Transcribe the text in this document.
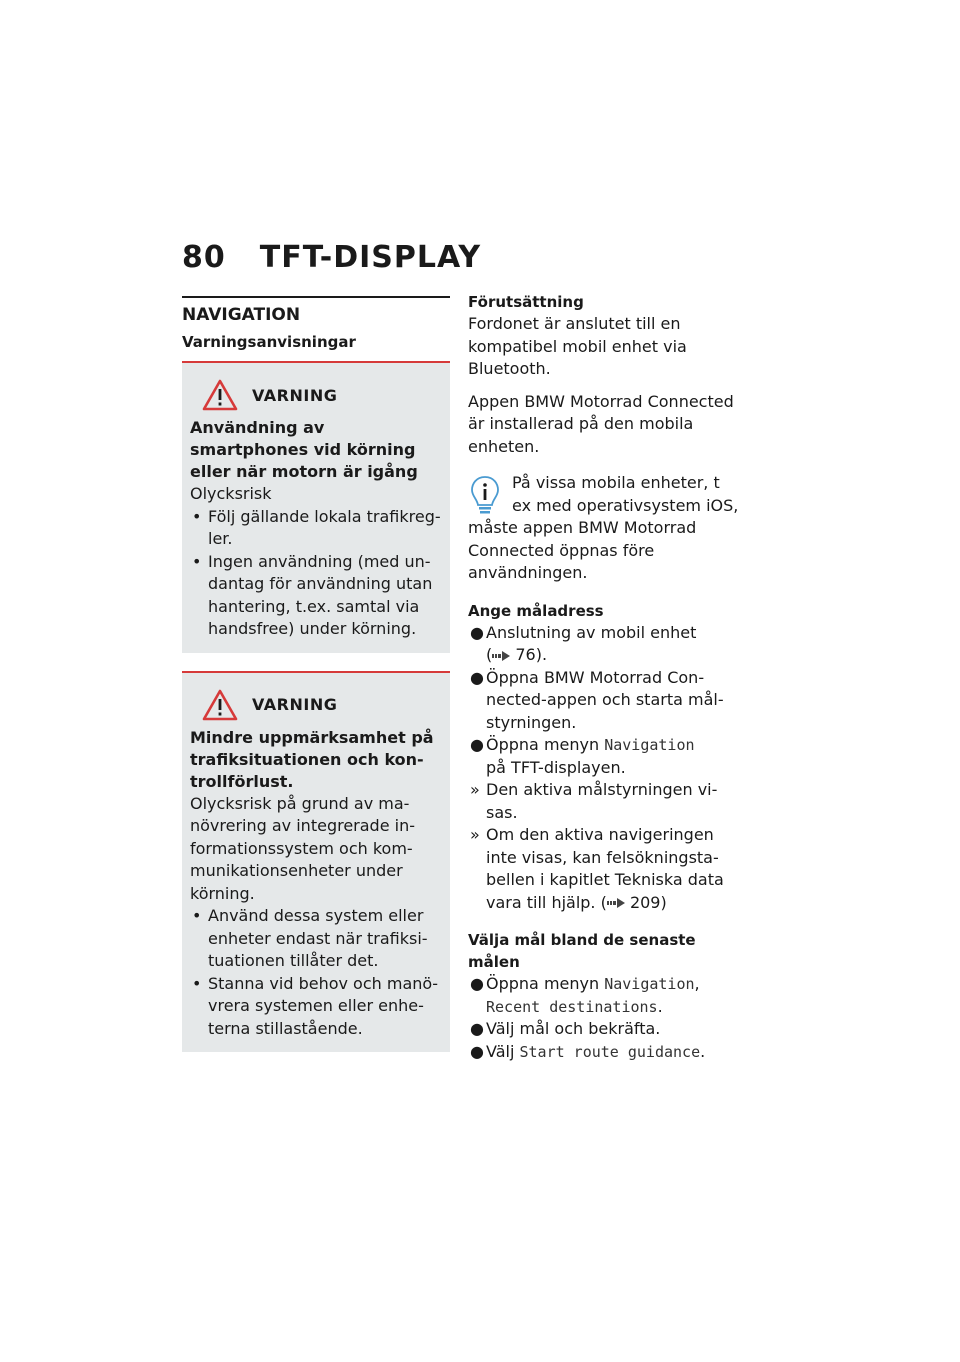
80 TFT-DISPLAY
NAVIGATION
Varningsanvisningar
VARNING
Användning av smartphones vid körning eller när motorn är igång
Olycksrisk
• Följ gällande lokala trafikregler.
• Ingen användning (med undantag för användning utan hantering, t.ex. samtal via handsfree) under körning.
VARNING
Mindre uppmärksamhet på trafiksituationen och kontrollförlust.
Olycksrisk på grund av manövrering av integrerade informationssystem och kommunikationsenheter under körning.
• Använd dessa system eller enheter endast när trafiksituationen tillåter det.
• Stanna vid behov och manövrera systemen eller enheterna stillastående.
Förutsättning
Fordonet är anslutet till en kompatibel mobil enhet via Bluetooth.
Appen BMW Motorrad Connected är installerad på den mobila enheten.
På vissa mobila enheter, t ex med operativsystem iOS, måste appen BMW Motorrad Connected öppnas före användningen.
Ange måladress
● Anslutning av mobil enhet
( 76).
● Öppna BMW Motorrad Connected-appen och starta målstyrningen.
● Öppna menyn Navigation
på TFT-displayen.
» Den aktiva målstyrningen visas.
» Om den aktiva navigeringen inte visas, kan felsökningstabellen i kapitlet Tekniska data vara till hjälp. ( 209)
Välja mål bland de senaste målen
● Öppna menyn Navigation,
Recent destinations.
● Välj mål och bekräfta.
● Välj Start route guidance.
